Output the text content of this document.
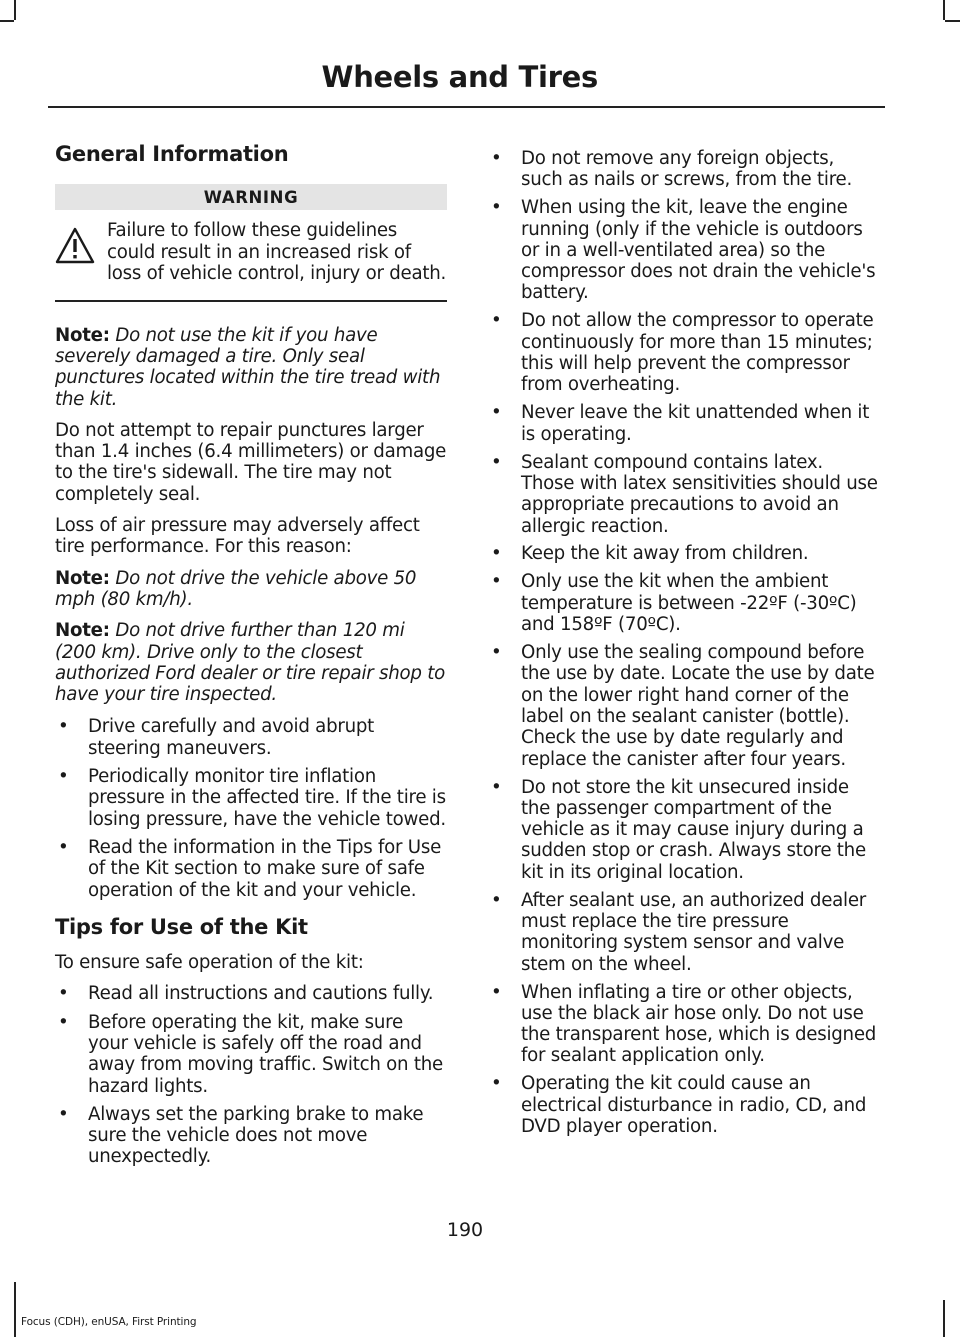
Wheels and Tires
General Information
WARNING
Failure to follow these guidelines could result in an increased risk of loss of vehicle control, injury or death.

Note: Do not use the kit if you have severely damaged a tire. Only seal punctures located within the tire tread with the kit.

Do not attempt to repair punctures larger than 1.4 inches (6.4 millimeters) or damage to the tire's sidewall. The tire may not completely seal.

Loss of air pressure may adversely affect tire performance. For this reason:

Note: Do not drive the vehicle above 50 mph (80 km/h).

Note: Do not drive further than 120 mi (200 km). Drive only to the closest authorized Ford dealer or tire repair shop to have your tire inspected.

• Drive carefully and avoid abrupt steering maneuvers.
• Periodically monitor tire inflation pressure in the affected tire. If the tire is losing pressure, have the vehicle towed.
• Read the information in the Tips for Use of the Kit section to make sure of safe operation of the kit and your vehicle.
Tips for Use of the Kit

To ensure safe operation of the kit:

• Read all instructions and cautions fully.
• Before operating the kit, make sure your vehicle is safely off the road and away from moving traffic. Switch on the hazard lights.
• Always set the parking brake to make sure the vehicle does not move unexpectedly.
• Do not remove any foreign objects, such as nails or screws, from the tire.
• When using the kit, leave the engine running (only if the vehicle is outdoors or in a well-ventilated area) so the compressor does not drain the vehicle's battery.
• Do not allow the compressor to operate continuously for more than 15 minutes; this will help prevent the compressor from overheating.
• Never leave the kit unattended when it is operating.
• Sealant compound contains latex. Those with latex sensitivities should use appropriate precautions to avoid an allergic reaction.
• Keep the kit away from children.
• Only use the kit when the ambient temperature is between -22ºF (-30ºC) and 158ºF (70ºC).
• Only use the sealing compound before the use by date. Locate the use by date on the lower right hand corner of the label on the sealant canister (bottle). Check the use by date regularly and replace the canister after four years.
• Do not store the kit unsecured inside the passenger compartment of the vehicle as it may cause injury during a sudden stop or crash. Always store the kit in its original location.
• After sealant use, an authorized dealer must replace the tire pressure monitoring system sensor and valve stem on the wheel.
• When inflating a tire or other objects, use the black air hose only. Do not use the transparent hose, which is designed for sealant application only.
• Operating the kit could cause an electrical disturbance in radio, CD, and DVD player operation.
190
Focus (CDH), enUSA, First Printing
